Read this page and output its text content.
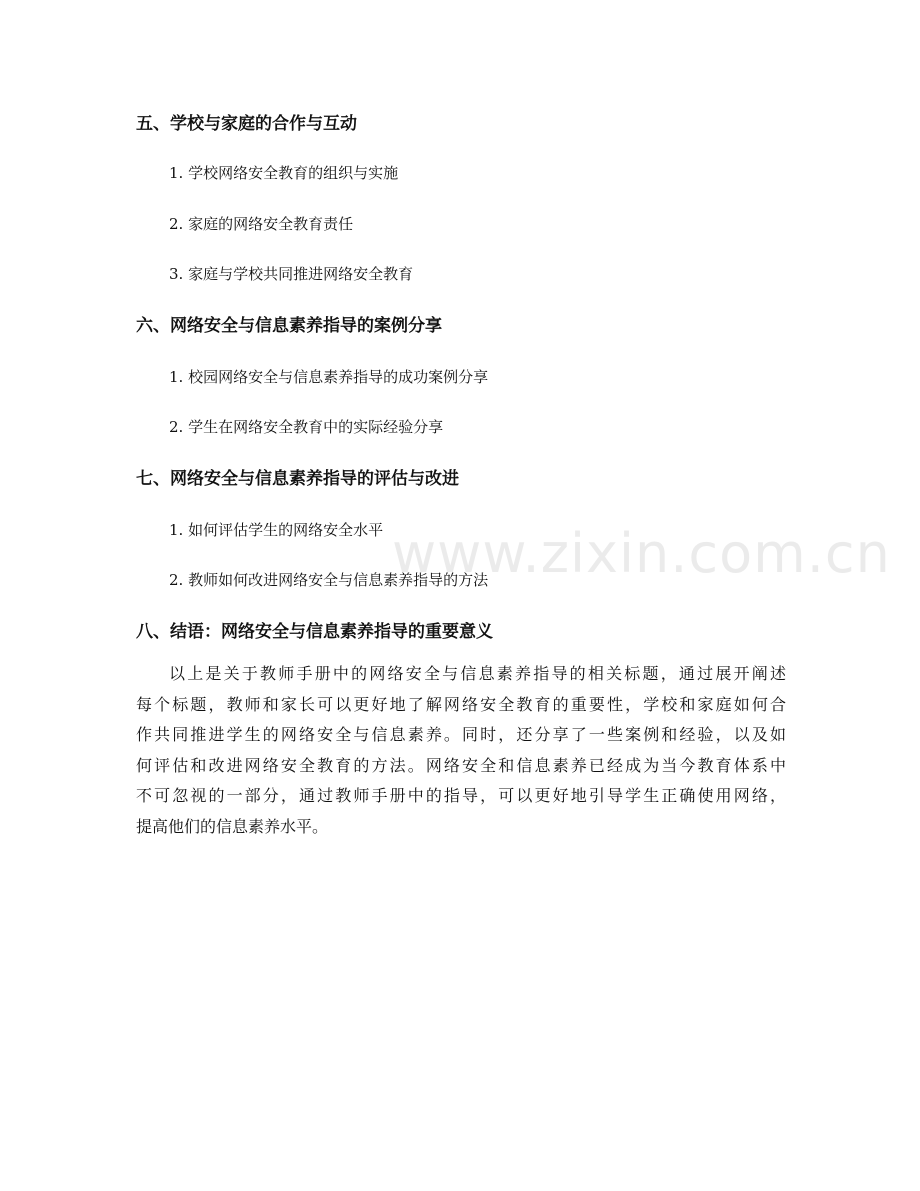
www.zixin.com.cn
五、学校与家庭的合作与互动
1. 学校网络安全教育的组织与实施
2. 家庭的网络安全教育责任
3. 家庭与学校共同推进网络安全教育
六、网络安全与信息素养指导的案例分享
1. 校园网络安全与信息素养指导的成功案例分享
2. 学生在网络安全教育中的实际经验分享
七、网络安全与信息素养指导的评估与改进
1. 如何评估学生的网络安全水平
2. 教师如何改进网络安全与信息素养指导的方法
八、结语：网络安全与信息素养指导的重要意义
以上是关于教师手册中的网络安全与信息素养指导的相关标题，通过展开阐述
每个标题，教师和家长可以更好地了解网络安全教育的重要性，学校和家庭如何合
作共同推进学生的网络安全与信息素养。同时，还分享了一些案例和经验，以及如
何评估和改进网络安全教育的方法。网络安全和信息素养已经成为当今教育体系中
不可忽视的一部分，通过教师手册中的指导，可以更好地引导学生正确使用网络，
提高他们的信息素养水平。
